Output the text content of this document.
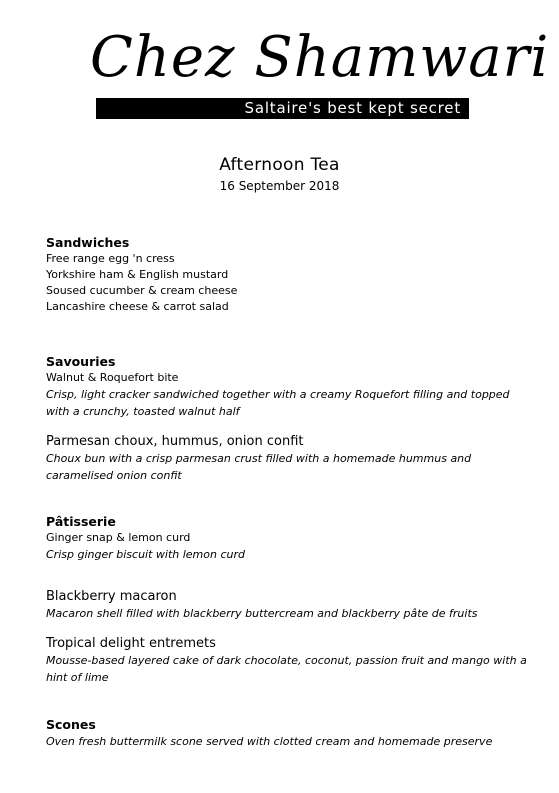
Chez Shamwari
Saltaire's best kept secret
Afternoon Tea
16 September 2018
Sandwiches
Free range egg 'n cress
Yorkshire ham & English mustard
Soused cucumber & cream cheese
Lancashire cheese & carrot salad
Savouries
Walnut & Roquefort bite
Crisp, light cracker sandwiched together with a creamy Roquefort filling and topped with a crunchy, toasted walnut half
Parmesan choux, hummus, onion confit
Choux bun with a crisp parmesan crust filled with a homemade hummus and caramelised onion confit
Pâtisserie
Ginger snap & lemon curd
Crisp ginger biscuit with lemon curd
Blackberry macaron
Macaron shell filled with blackberry buttercream and blackberry pâte de fruits
Tropical delight entremets
Mousse-based layered cake of dark chocolate, coconut, passion fruit and mango with a hint of lime
Scones
Oven fresh buttermilk scone served with clotted cream and homemade preserve
